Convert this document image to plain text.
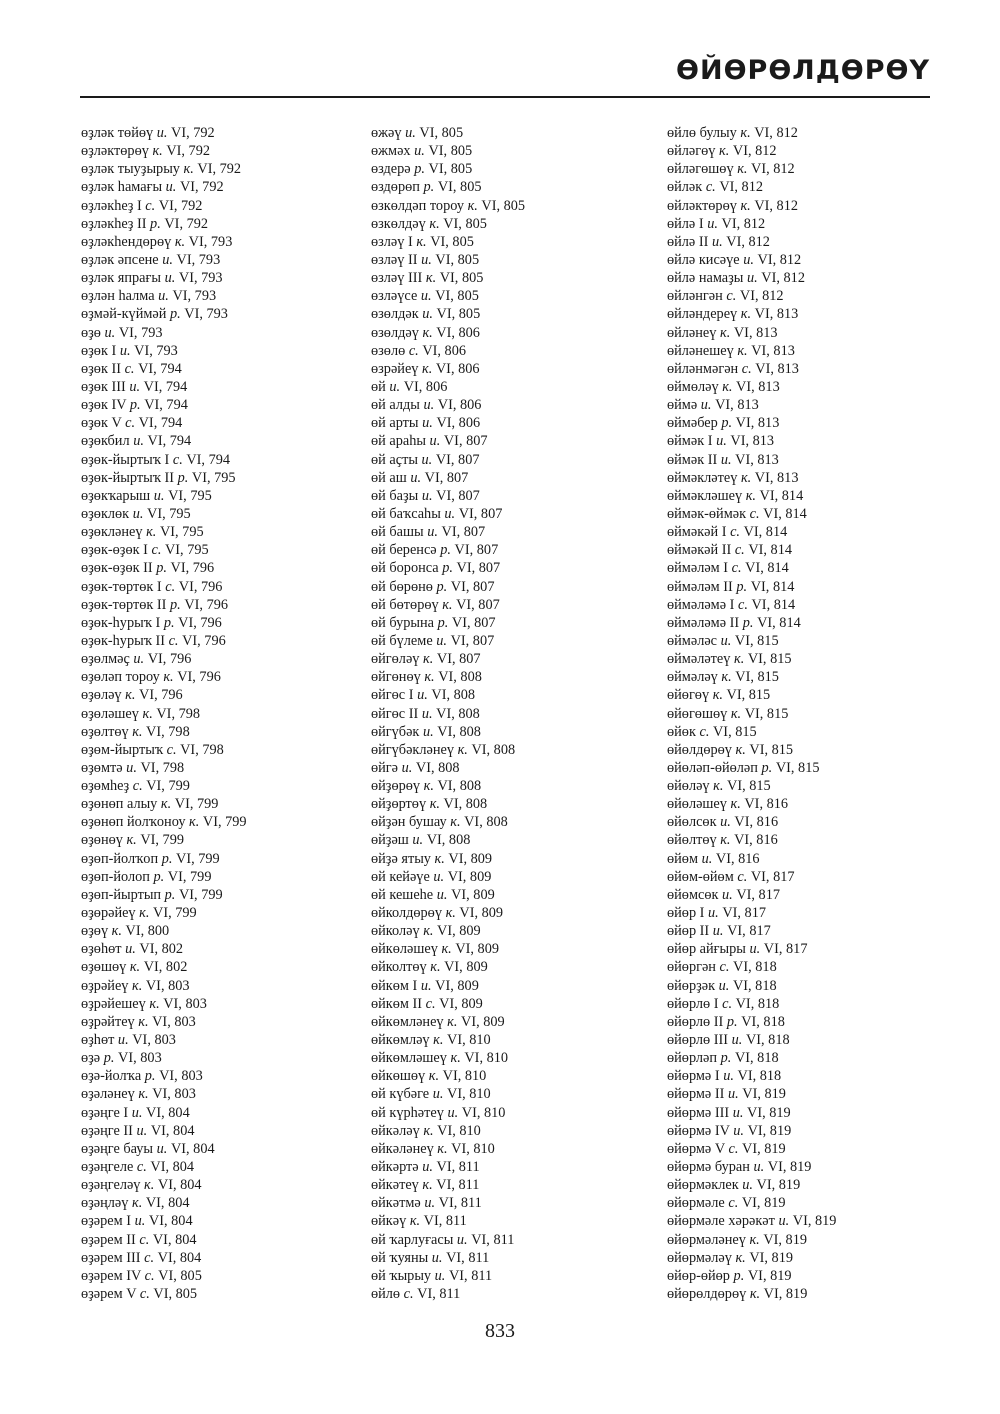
ӨЙӨРӨЛДӨРӨҮ
өҙләк төйөү и. VI, 792
өҙләктөрөү к. VI, 792
өҙләк тыуҙырыу к. VI, 792
өҙләк һамағы и. VI, 792
өҙләкһеҙ I с. VI, 792
өҙләкһеҙ II р. VI, 792
өҙләкһендөрөү к. VI, 793
өҙләк әпсене и. VI, 793
өҙләк япрағы и. VI, 793
өҙлән һалма и. VI, 793
өҙмәй-күймәй р. VI, 793
өҙө и. VI, 793
өҙөк I и. VI, 793
өҙөк II с. VI, 794
өҙөк III и. VI, 794
өҙөк IV р. VI, 794
өҙөк V с. VI, 794
өҙөкбил и. VI, 794
өҙөк-йыртыҡ I с. VI, 794
өҙөк-йыртыҡ II р. VI, 795
өҙөкҡарыш и. VI, 795
өҙөклөк и. VI, 795
өҙөкләнеү к. VI, 795
өҙөк-өҙөк I с. VI, 795
өҙөк-өҙөк II р. VI, 796
өҙөк-төртөк I с. VI, 796
өҙөк-төртөк II р. VI, 796
өҙөк-һурыҡ I р. VI, 796
өҙөк-һурыҡ II с. VI, 796
өҙөлмәҫ и. VI, 796
өҙөләп тороу к. VI, 796
өҙөләү к. VI, 796
өҙөләшеү к. VI, 798
өҙөлтөү к. VI, 798
өҙөм-йыртыҡ с. VI, 798
өҙөмтә и. VI, 798
өҙөмһеҙ с. VI, 799
өҙөнөп алыу к. VI, 799
өҙөнөп йолҡоноу к. VI, 799
өҙөнөү к. VI, 799
өҙөп-йолҡоп р. VI, 799
өҙөп-йолоп р. VI, 799
өҙөп-йыртып р. VI, 799
өҙөрәйеү к. VI, 799
өҙөү к. VI, 800
өҙөһөт и. VI, 802
өҙөшөү к. VI, 802
өҙрәйеү к. VI, 803
өҙрәйешеү к. VI, 803
өҙрәйтеү к. VI, 803
өҙһөт и. VI, 803
өҙә р. VI, 803
өҙә-йолҡа р. VI, 803
өҙәләнеү к. VI, 803
өҙәңге I и. VI, 804
өҙәңге II и. VI, 804
өҙәңге бауы и. VI, 804
өҙәңгеле с. VI, 804
өҙәңгеләү к. VI, 804
өҙәңләү к. VI, 804
өҙәрем I и. VI, 804
өҙәрем II с. VI, 804
өҙәрем III с. VI, 804
өҙәрем IV с. VI, 805
өҙәрем V с. VI, 805
өжәү и. VI, 805
өжмәх и. VI, 805
өздерә р. VI, 805
өздөрөп р. VI, 805
өзкөлдәп тороу к. VI, 805
өзкөлдәү к. VI, 805
өзләү I к. VI, 805
өзләү II и. VI, 805
өзләү III к. VI, 805
өзләүсе и. VI, 805
өзөлдәк и. VI, 805
өзөлдәү к. VI, 806
өзөлө с. VI, 806
өзрәйеү к. VI, 806
өй и. VI, 806
өй алды и. VI, 806
өй арты и. VI, 806
өй араһы и. VI, 807
өй аҫты и. VI, 807
өй аш и. VI, 807
өй баҙы и. VI, 807
өй баҡсаһы и. VI, 807
өй башы и. VI, 807
өй беренсә р. VI, 807
өй боронса р. VI, 807
өй бөрөнө р. VI, 807
өй бөтөрөү к. VI, 807
өй бурына р. VI, 807
өй бүлеме и. VI, 807
өйгөләү к. VI, 807
өйгөнөү к. VI, 808
өйгөс I и. VI, 808
өйгөс II и. VI, 808
өйгүбәк и. VI, 808
өйгүбәкләнеү к. VI, 808
өйгә и. VI, 808
өйҙөрөү к. VI, 808
өйҙөртөү к. VI, 808
өйҙән бушау к. VI, 808
өйҙәш и. VI, 808
өйҙә ятыу к. VI, 809
өй кейәүе и. VI, 809
өй кешеһе и. VI, 809
өйколдөрөү к. VI, 809
өйколәү к. VI, 809
өйкөләшеү к. VI, 809
өйколтөү к. VI, 809
өйкөм I и. VI, 809
өйкөм II с. VI, 809
өйкөмләнеү к. VI, 809
өйкөмләү к. VI, 810
өйкөмләшеү к. VI, 810
өйкөшөү к. VI, 810
өй күбәге и. VI, 810
өй күрһәтеү и. VI, 810
өйкәләү к. VI, 810
өйкәләнеү к. VI, 810
өйкәртә и. VI, 811
өйкәтеү к. VI, 811
өйкәтмә и. VI, 811
өйкәү к. VI, 811
өй ҡарлуғасы и. VI, 811
өй ҡуяны и. VI, 811
өй ҡырыу и. VI, 811
өйлө с. VI, 811
өйлө булыу к. VI, 812
өйләгөү к. VI, 812
өйләгөшөү к. VI, 812
өйләк с. VI, 812
өйләктөрөү к. VI, 812
өйлә I и. VI, 812
өйлә II и. VI, 812
өйлә кисәүе и. VI, 812
өйлә намаҙы и. VI, 812
өйләнгән с. VI, 812
өйләндереү к. VI, 813
өйләнеү к. VI, 813
өйләнешеү к. VI, 813
өйләнмәгән с. VI, 813
өймөләү к. VI, 813
өймә и. VI, 813
өймәбер р. VI, 813
өймәк I и. VI, 813
өймәк II и. VI, 813
өймәкләтеү к. VI, 813
өймәкләшеү к. VI, 814
өймәк-өймәк с. VI, 814
өймәкәй I с. VI, 814
өймәкәй II с. VI, 814
өймәләм I с. VI, 814
өймәләм II р. VI, 814
өймәләмә I с. VI, 814
өймәләмә II р. VI, 814
өймәләс и. VI, 815
өймәләтеү к. VI, 815
өймәләү к. VI, 815
өйөгөү к. VI, 815
өйөгөшөү к. VI, 815
өйөк с. VI, 815
өйөлдөрөү к. VI, 815
өйөләп-өйөләп р. VI, 815
өйөләү к. VI, 815
өйөләшеү к. VI, 816
өйөлсөк и. VI, 816
өйөлтөү к. VI, 816
өйөм и. VI, 816
өйөм-өйөм с. VI, 817
өйөмсөк и. VI, 817
өйөр I и. VI, 817
өйөр II и. VI, 817
өйөр айғыры и. VI, 817
өйөргән с. VI, 818
өйөрҙәк и. VI, 818
өйөрлө I с. VI, 818
өйөрлө II р. VI, 818
өйөрлө III и. VI, 818
өйөрләп р. VI, 818
өйөрмә I и. VI, 818
өйөрмә II и. VI, 819
өйөрмә III и. VI, 819
өйөрмә IV и. VI, 819
өйөрмә V с. VI, 819
өйөрмә буран и. VI, 819
өйөрмәклек и. VI, 819
өйөрмәле с. VI, 819
өйөрмәле хәрәкәт и. VI, 819
өйөрмәләнеү к. VI, 819
өйөрмәләү к. VI, 819
өйөр-өйөр р. VI, 819
өйөрөлдөрөү к. VI, 819
833
